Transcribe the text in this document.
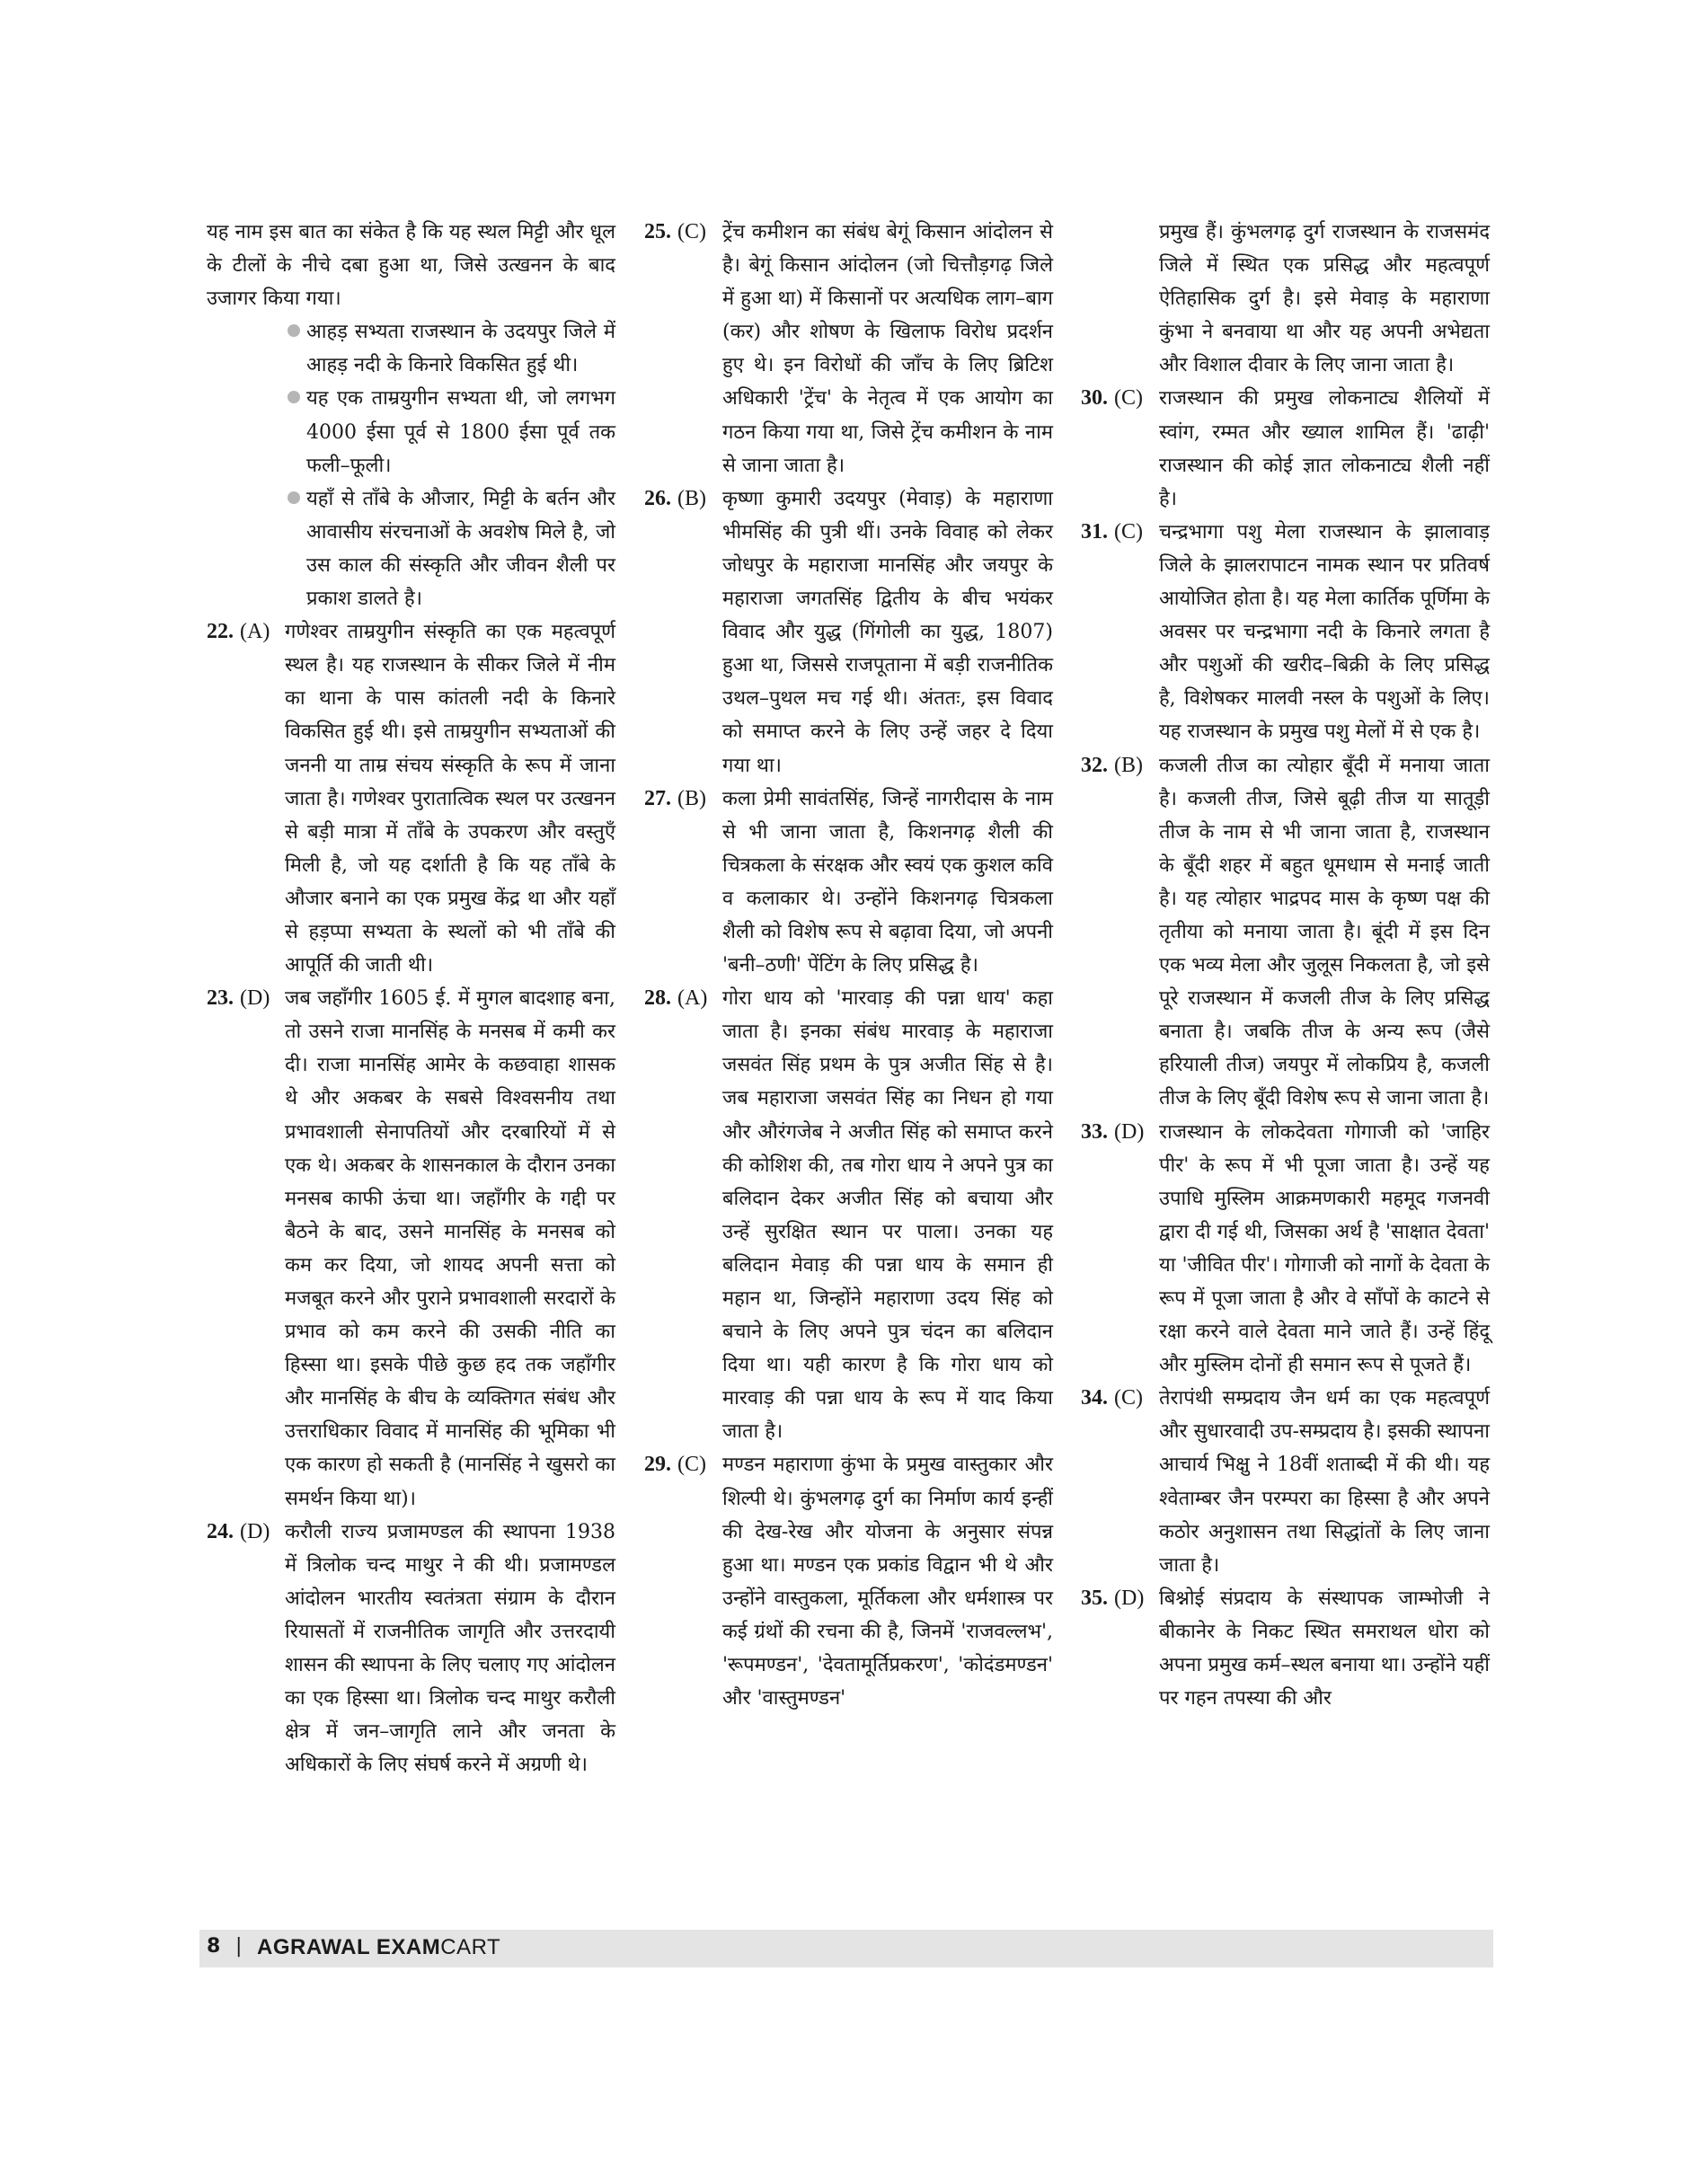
यह नाम इस बात का संकेत है कि यह स्थल मिट्टी और धूल के टीलों के नीचे दबा हुआ था, जिसे उत्खनन के बाद उजागर किया गया।

आहड़ सभ्यता राजस्थान के उदयपुर जिले में आहड़ नदी के किनारे विकसित हुई थी।
यह एक ताम्रयुगीन सभ्यता थी, जो लगभग 4000 ईसा पूर्व से 1800 ईसा पूर्व तक फली–फूली।
यहाँ से ताँबे के औजार, मिट्टी के बर्तन और आवासीय संरचनाओं के अवशेष मिले है, जो उस काल की संस्कृति और जीवन शैली पर प्रकाश डालते है।
22. (A) गणेश्वर ताम्रयुगीन संस्कृति का एक महत्वपूर्ण स्थल है। यह राजस्थान के सीकर जिले में नीम का थाना के पास कांतली नदी के किनारे विकसित हुई थी। इसे ताम्रयुगीन सभ्यताओं की जननी या ताम्र संचय संस्कृति के रूप में जाना जाता है। गणेश्वर पुरातात्विक स्थल पर उत्खनन से बड़ी मात्रा में ताँबे के उपकरण और वस्तुएँ मिली है, जो यह दर्शाती है कि यह ताँबे के औजार बनाने का एक प्रमुख केंद्र था और यहाँ से हड़प्पा सभ्यता के स्थलों को भी ताँबे की आपूर्ति की जाती थी।
23. (D) जब जहाँगीर 1605 ई. में मुगल बादशाह बना, तो उसने राजा मानसिंह के मनसब में कमी कर दी। राजा मानसिंह आमेर के कछवाहा शासक थे और अकबर के सबसे विश्वसनीय तथा प्रभावशाली सेनापतियों और दरबारियों में से एक थे। अकबर के शासनकाल के दौरान उनका मनसब काफी ऊंचा था। जहाँगीर के गद्दी पर बैठने के बाद, उसने मानसिंह के मनसब को कम कर दिया, जो शायद अपनी सत्ता को मजबूत करने और पुराने प्रभावशाली सरदारों के प्रभाव को कम करने की उसकी नीति का हिस्सा था। इसके पीछे कुछ हद तक जहाँगीर और मानसिंह के बीच के व्यक्तिगत संबंध और उत्तराधिकार विवाद में मानसिंह की भूमिका भी एक कारण हो सकती है (मानसिंह ने खुसरो का समर्थन किया था)।
24. (D) करौली राज्य प्रजामण्डल की स्थापना 1938 में त्रिलोक चन्द माथुर ने की थी। प्रजामण्डल आंदोलन भारतीय स्वतंत्रता संग्राम के दौरान रियासतों में राजनीतिक जागृति और उत्तरदायी शासन की स्थापना के लिए चलाए गए आंदोलन का एक हिस्सा था। त्रिलोक चन्द माथुर करौली क्षेत्र में जन–जागृति लाने और जनता के अधिकारों के लिए संघर्ष करने में अग्रणी थे।
25. (C) ट्रेंच कमीशन का संबंध बेगूं किसान आंदोलन से है। बेगूं किसान आंदोलन (जो चित्तौड़गढ़ जिले में हुआ था) में किसानों पर अत्यधिक लाग–बाग (कर) और शोषण के खिलाफ विरोध प्रदर्शन हुए थे। इन विरोधों की जाँच के लिए ब्रिटिश अधिकारी 'ट्रेंच' के नेतृत्व में एक आयोग का गठन किया गया था, जिसे ट्रेंच कमीशन के नाम से जाना जाता है।
26. (B) कृष्णा कुमारी उदयपुर (मेवाड़) के महाराणा भीमसिंह की पुत्री थीं। उनके विवाह को लेकर जोधपुर के महाराजा मानसिंह और जयपुर के महाराजा जगतसिंह द्वितीय के बीच भयंकर विवाद और युद्ध (गिंगोली का युद्ध, 1807) हुआ था, जिससे राजपूताना में बड़ी राजनीतिक उथल–पुथल मच गई थी। अंततः, इस विवाद को समाप्त करने के लिए उन्हें जहर दे दिया गया था।
27. (B) कला प्रेमी सावंतसिंह, जिन्हें नागरीदास के नाम से भी जाना जाता है, किशनगढ़ शैली की चित्रकला के संरक्षक और स्वयं एक कुशल कवि व कलाकार थे। उन्होंने किशनगढ़ चित्रकला शैली को विशेष रूप से बढ़ावा दिया, जो अपनी 'बनी–ठणी' पेंटिंग के लिए प्रसिद्ध है।
28. (A) गोरा धाय को 'मारवाड़ की पन्ना धाय' कहा जाता है। इनका संबंध मारवाड़ के महाराजा जसवंत सिंह प्रथम के पुत्र अजीत सिंह से है। जब महाराजा जसवंत सिंह का निधन हो गया और औरंगजेब ने अजीत सिंह को समाप्त करने की कोशिश की, तब गोरा धाय ने अपने पुत्र का बलिदान देकर अजीत सिंह को बचाया और उन्हें सुरक्षित स्थान पर पाला। उनका यह बलिदान मेवाड़ की पन्ना धाय के समान ही महान था, जिन्होंने महाराणा उदय सिंह को बचाने के लिए अपने पुत्र चंदन का बलिदान दिया था। यही कारण है कि गोरा धाय को मारवाड़ की पन्ना धाय के रूप में याद किया जाता है।
29. (C) मण्डन महाराणा कुंभा के प्रमुख वास्तुकार और शिल्पी थे। कुंभलगढ़ दुर्ग का निर्माण कार्य इन्हीं की देख-रेख और योजना के अनुसार संपन्न हुआ था। मण्डन एक प्रकांड विद्वान भी थे और उन्होंने वास्तुकला, मूर्तिकला और धर्मशास्त्र पर कई ग्रंथों की रचना की है, जिनमें 'राजवल्लभ', 'रूपमण्डन', 'देवतामूर्तिप्रकरण', 'कोदंडमण्डन' और 'वास्तुमण्डन'

प्रमुख हैं। कुंभलगढ़ दुर्ग राजस्थान के राजसमंद जिले में स्थित एक प्रसिद्ध और महत्वपूर्ण ऐतिहासिक दुर्ग है। इसे मेवाड़ के महाराणा कुंभा ने बनवाया था और यह अपनी अभेद्यता और विशाल दीवार के लिए जाना जाता है।

30. (C) राजस्थान की प्रमुख लोकनाट्य शैलियों में स्वांग, रम्मत और ख्याल शामिल हैं। 'ढाढ़ी' राजस्थान की कोई ज्ञात लोकनाट्य शैली नहीं है।
31. (C) चन्द्रभागा पशु मेला राजस्थान के झालावाड़ जिले के झालरापाटन नामक स्थान पर प्रतिवर्ष आयोजित होता है। यह मेला कार्तिक पूर्णिमा के अवसर पर चन्द्रभागा नदी के किनारे लगता है और पशुओं की खरीद–बिक्री के लिए प्रसिद्ध है, विशेषकर मालवी नस्ल के पशुओं के लिए। यह राजस्थान के प्रमुख पशु मेलों में से एक है।
32. (B) कजली तीज का त्योहार बूँदी में मनाया जाता है। कजली तीज, जिसे बूढ़ी तीज या सातूड़ी तीज के नाम से भी जाना जाता है, राजस्थान के बूँदी शहर में बहुत धूमधाम से मनाई जाती है। यह त्योहार भाद्रपद मास के कृष्ण पक्ष की तृतीया को मनाया जाता है। बूंदी में इस दिन एक भव्य मेला और जुलूस निकलता है, जो इसे पूरे राजस्थान में कजली तीज के लिए प्रसिद्ध बनाता है। जबकि तीज के अन्य रूप (जैसे हरियाली तीज) जयपुर में लोकप्रिय है, कजली तीज के लिए बूँदी विशेष रूप से जाना जाता है।
33. (D) राजस्थान के लोकदेवता गोगाजी को 'जाहिर पीर' के रूप में भी पूजा जाता है। उन्हें यह उपाधि मुस्लिम आक्रमणकारी महमूद गजनवी द्वारा दी गई थी, जिसका अर्थ है 'साक्षात देवता' या 'जीवित पीर'। गोगाजी को नागों के देवता के रूप में पूजा जाता है और वे साँपों के काटने से रक्षा करने वाले देवता माने जाते हैं। उन्हें हिंदू और मुस्लिम दोनों ही समान रूप से पूजते हैं।
34. (C) तेरापंथी सम्प्रदाय जैन धर्म का एक महत्वपूर्ण और सुधारवादी उप-सम्प्रदाय है। इसकी स्थापना आचार्य भिक्षु ने 18वीं शताब्दी में की थी। यह श्वेताम्बर जैन परम्परा का हिस्सा है और अपने कठोर अनुशासन तथा सिद्धांतों के लिए जाना जाता है।
35. (D) बिश्नोई संप्रदाय के संस्थापक जाम्भोजी ने बीकानेर के निकट स्थित समराथल धोरा को अपना प्रमुख कर्म–स्थल बनाया था। उन्होंने यहीं पर गहन तपस्या की और
8 | AGRAWAL EXAMCART
